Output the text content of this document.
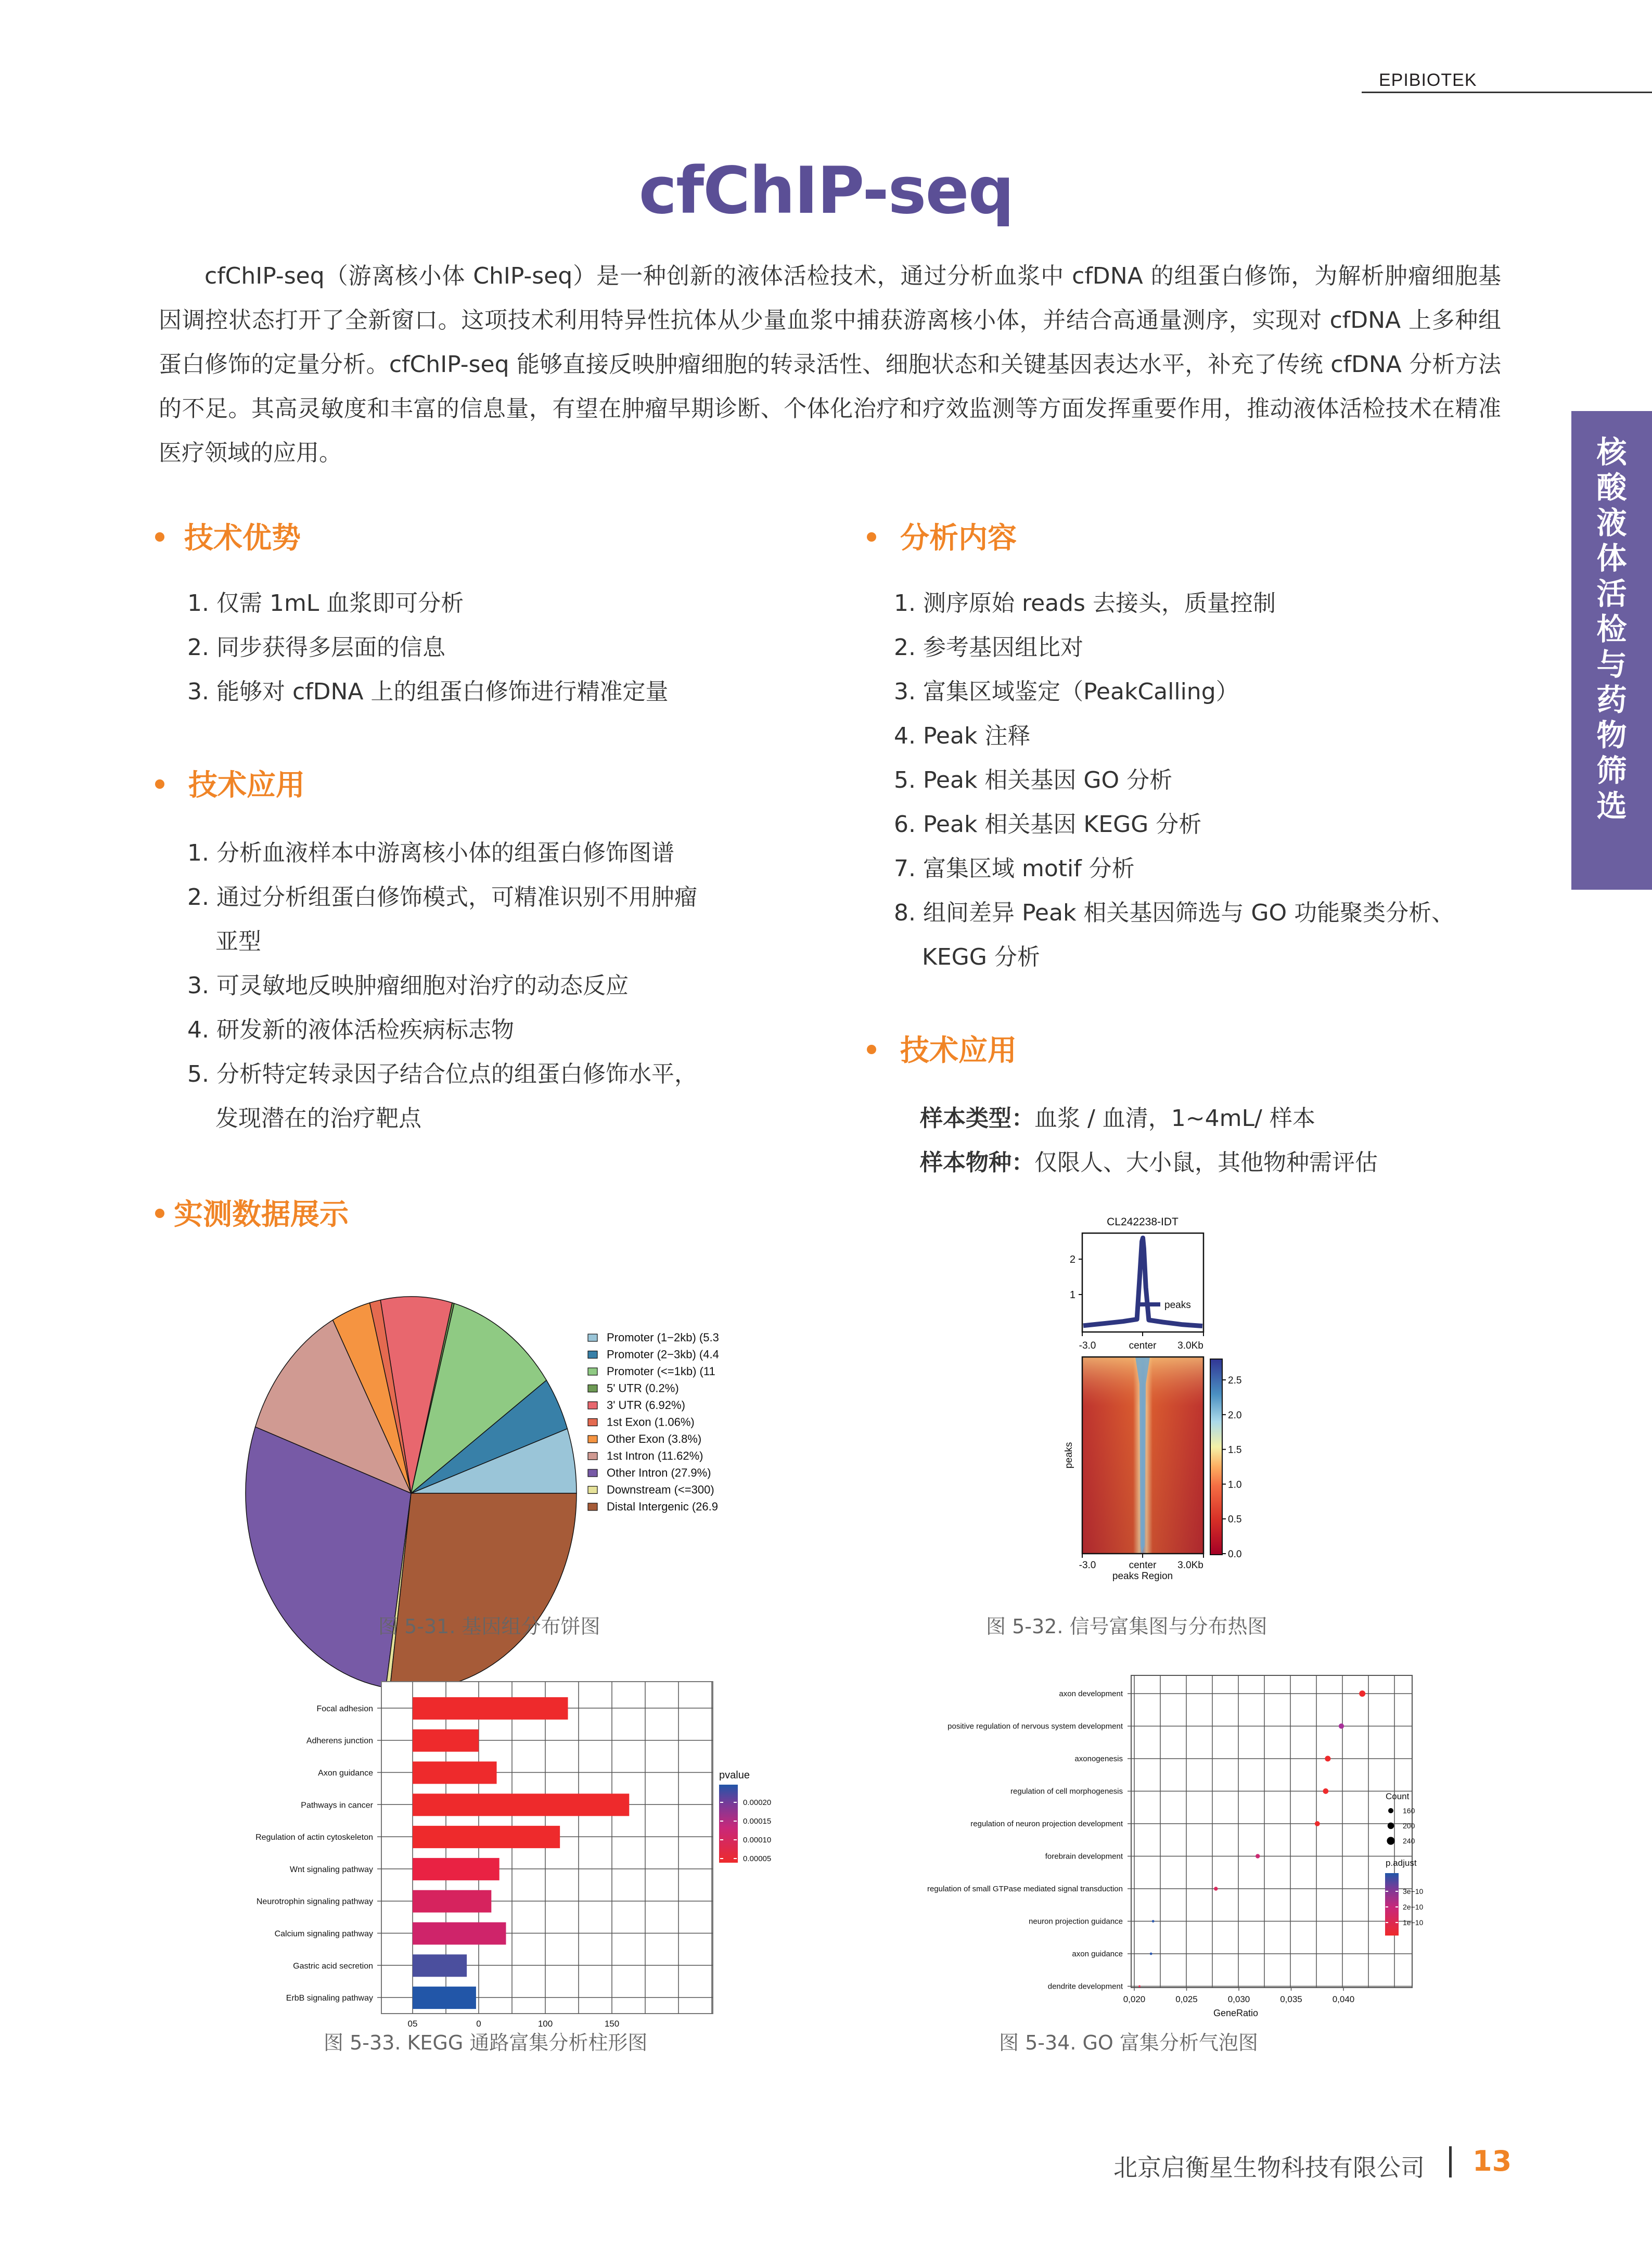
EPIBIOTEK
cfChIP-seq
cfChIP-seq（游离核小体 ChIP-seq）是一种创新的液体活检技术，通过分析血浆中 cfDNA 的组蛋白修饰，为解析肿瘤细胞基因调控状态打开了全新窗口。这项技术利用特异性抗体从少量血浆中捕获游离核小体，并结合高通量测序，实现对 cfDNA 上多种组蛋白修饰的定量分析。cfChIP-seq 能够直接反映肿瘤细胞的转录活性、细胞状态和关键基因表达水平，补充了传统 cfDNA 分析方法的不足。其高灵敏度和丰富的信息量，有望在肿瘤早期诊断、个体化治疗和疗效监测等方面发挥重要作用，推动液体活检技术在精准医疗领域的应用。	核
酸
液
体
活
检
与
药
物
筛
选
技术优势
1. 仅需 1mL 血浆即可分析
2. 同步获得多层面的信息
3. 能够对 cfDNA 上的组蛋白修饰进行精准定量
技术应用
1. 分析血液样本中游离核小体的组蛋白修饰图谱
2. 通过分析组蛋白修饰模式，可精准识别不用肿瘤
亚型
3. 可灵敏地反映肿瘤细胞对治疗的动态反应
4. 研发新的液体活检疾病标志物
5. 分析特定转录因子结合位点的组蛋白修饰水平，
发现潜在的治疗靶点
分析内容
1. 测序原始 reads 去接头，质量控制
2. 参考基因组比对
3. 富集区域鉴定（PeakCalling）
4. Peak 注释
5. Peak 相关基因 GO 分析
6. Peak 相关基因 KEGG 分析
7. 富集区域 motif 分析
8. 组间差异 Peak 相关基因筛选与 GO 功能聚类分析、
KEGG 分析
技术应用
样本类型：血浆 / 血清，1~4mL/ 样本
样本物种：仅限人、大小鼠，其他物种需评估
实测数据展示
Promoter (1−2kb) (5.3
Promoter (2−3kb) (4.4
Promoter (<=1kb) (11
5' UTR (0.2%)
3' UTR (6.92%)
1st Exon (1.06%)
Other Exon (3.8%)
1st Intron (11.62%)
Other Intron (27.9%)
Downstream (<=300)
Distal Intergenic (26.9
图 5-31. 基因组分布饼图
CL242238-IDT
2
1
peaks
-3.0	center 3.0Kb
peaks
-3.0	center 3.0Kb
peaks Region
0.0
0.5
1.0
1.5
2.0
2.5
图 5-32. 信号富集图与分布热图
Focal adhesion
Adherens junction
Axon guidance
Pathways in cancer
Regulation of actin cytoskeleton
Wnt signaling pathway
Neurotrophin signaling pathway
Calcium signaling pathway
Gastric acid secretion
ErbB signaling pathway
05	0	100	150
pvalue
0.00020
0.00015
0.00010
0.00005
图 5-33. KEGG 通路富集分析柱形图
axon development
positive regulation of nervous system development
axonogenesis
regulation of cell morphogenesis
regulation of neuron projection development
forebrain development
regulation of small GTPase mediated signal transduction
neuron projection guidance
axon guidance
dendrite development
0,020	0,025	0,030	0,035	0,040
GeneRatio
Count
160
200
240
p.adjust
3e−10
2e−10
1e−10
图 5-34. GO 富集分析气泡图
北京启衡星生物科技有限公司 13
